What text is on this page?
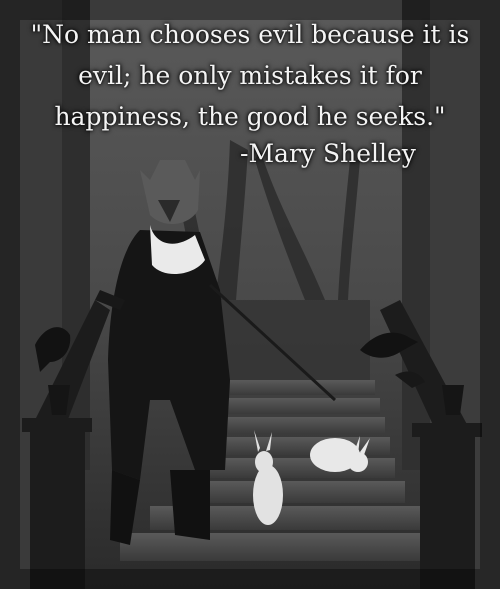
"No man chooses evil because it is
evil; he only mistakes it for
happiness, the good he seeks."
-Mary Shelley
